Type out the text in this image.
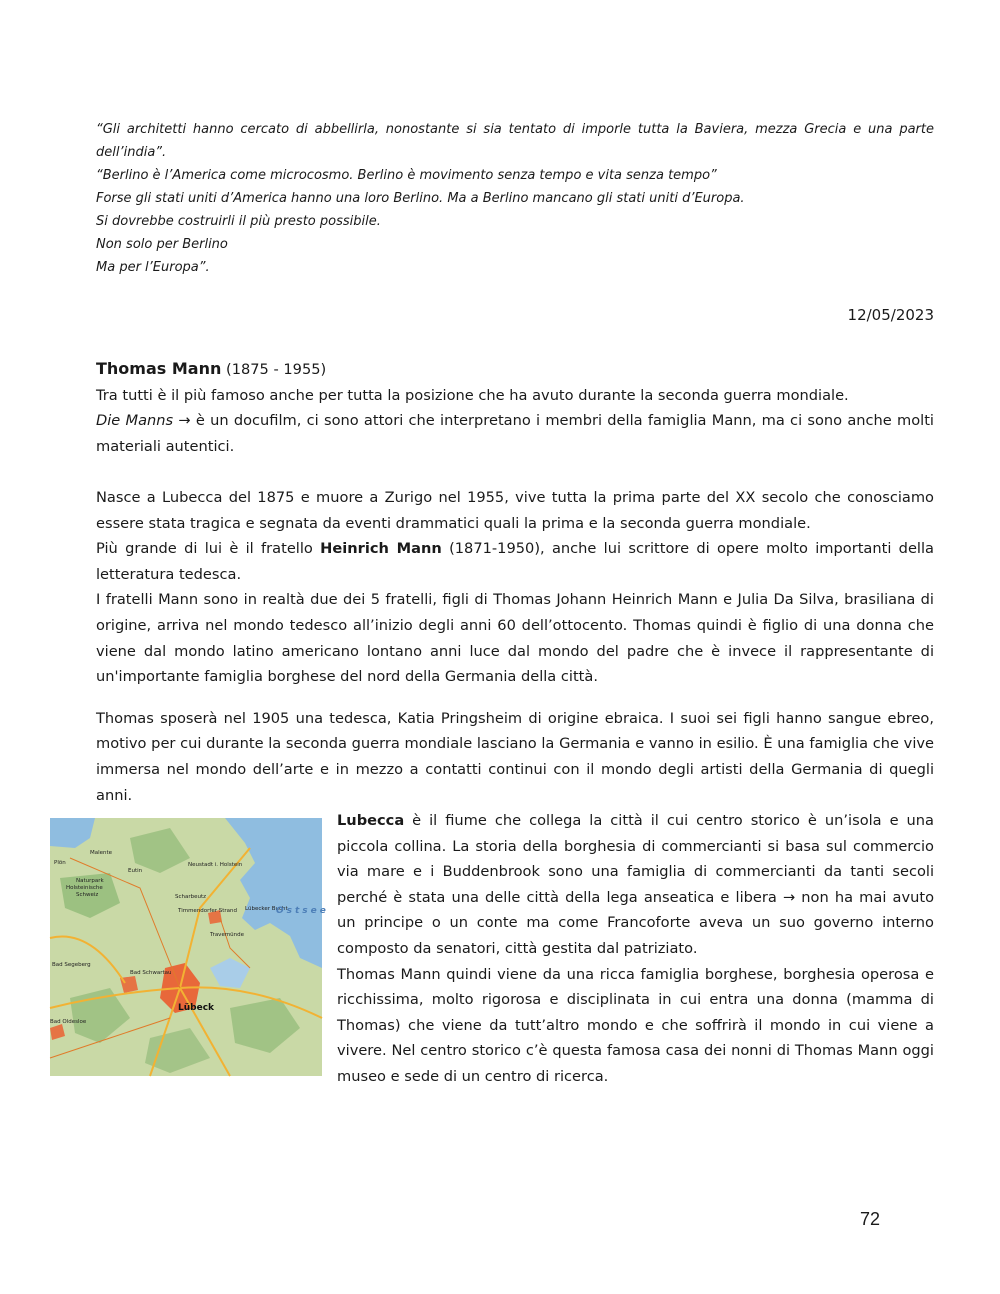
“Gli architetti hanno cercato di abbellirla, nonostante si sia tentato di imporle tutta la Baviera, mezza Grecia e una parte dell’india”.

“Berlino è l’America come microcosmo. Berlino è movimento senza tempo e vita senza tempo”

Forse gli stati uniti d’America hanno una loro Berlino. Ma a Berlino mancano gli stati uniti d’Europa.

Si dovrebbe costruirli il più presto possibile.

Non solo per Berlino

Ma per l’Europa”.

12/05/2023

Thomas Mann (1875 - 1955)

Tra tutti è il più famoso anche per tutta la posizione che ha avuto durante la seconda guerra mondiale.

Die Manns → è un docufilm, ci sono attori che interpretano i membri della famiglia Mann, ma ci sono anche molti materiali autentici.

Nasce a Lubecca del 1875 e muore a Zurigo nel 1955, vive tutta la prima parte del XX secolo che conosciamo essere stata tragica e segnata da eventi drammatici quali la prima e la seconda guerra mondiale.

Più grande di lui è il fratello Heinrich Mann (1871-1950), anche lui scrittore di opere molto importanti della letteratura tedesca.

I fratelli Mann sono in realtà due dei 5 fratelli, figli di Thomas Johann Heinrich Mann e Julia Da Silva, brasiliana di origine, arriva nel mondo tedesco all’inizio degli anni 60 dell’ottocento. Thomas quindi è figlio di una donna che viene dal mondo latino americano lontano anni luce dal mondo del padre che è invece il rappresentante di un'importante famiglia borghese del nord della Germania della città.

Thomas sposerà nel 1905 una tedesca, Katia Pringsheim di origine ebraica. I suoi sei figli hanno sangue ebreo, motivo per cui durante la seconda guerra mondiale lasciano la Germania e vanno in esilio. È una famiglia che vive immersa nel mondo dell’arte e in mezzo a contatti continui con il mondo degli artisti della Germania di quegli anni.

Plön
Malente
Eutin
Naturpark
Holsteinische
Schweiz
Neustadt i. Holstein
Scharbeutz
Timmendorfer Strand
Travemünde
Lübecker Bucht
Bad Segeberg
Bad Schwartau
Lübeck
Bad Oldesloe
Ostsee

Lubecca è il fiume che collega la città il cui centro storico è un’isola e una piccola collina. La storia della borghesia di commercianti si basa sul commercio via mare e i Buddenbrook sono una famiglia di commercianti da tanti secoli perché è stata una delle città della lega anseatica e libera → non ha mai avuto un principe o un conte ma come Francoforte aveva un suo governo interno composto da senatori, città gestita dal patriziato.

Thomas Mann quindi viene da una ricca famiglia borghese, borghesia operosa e ricchissima, molto rigorosa e disciplinata in cui entra una donna (mamma di Thomas) che viene da tutt’altro mondo e che soffrirà il mondo in cui viene a vivere. Nel centro storico c’è questa famosa casa dei nonni di Thomas Mann oggi museo e sede di un centro di ricerca.

72
